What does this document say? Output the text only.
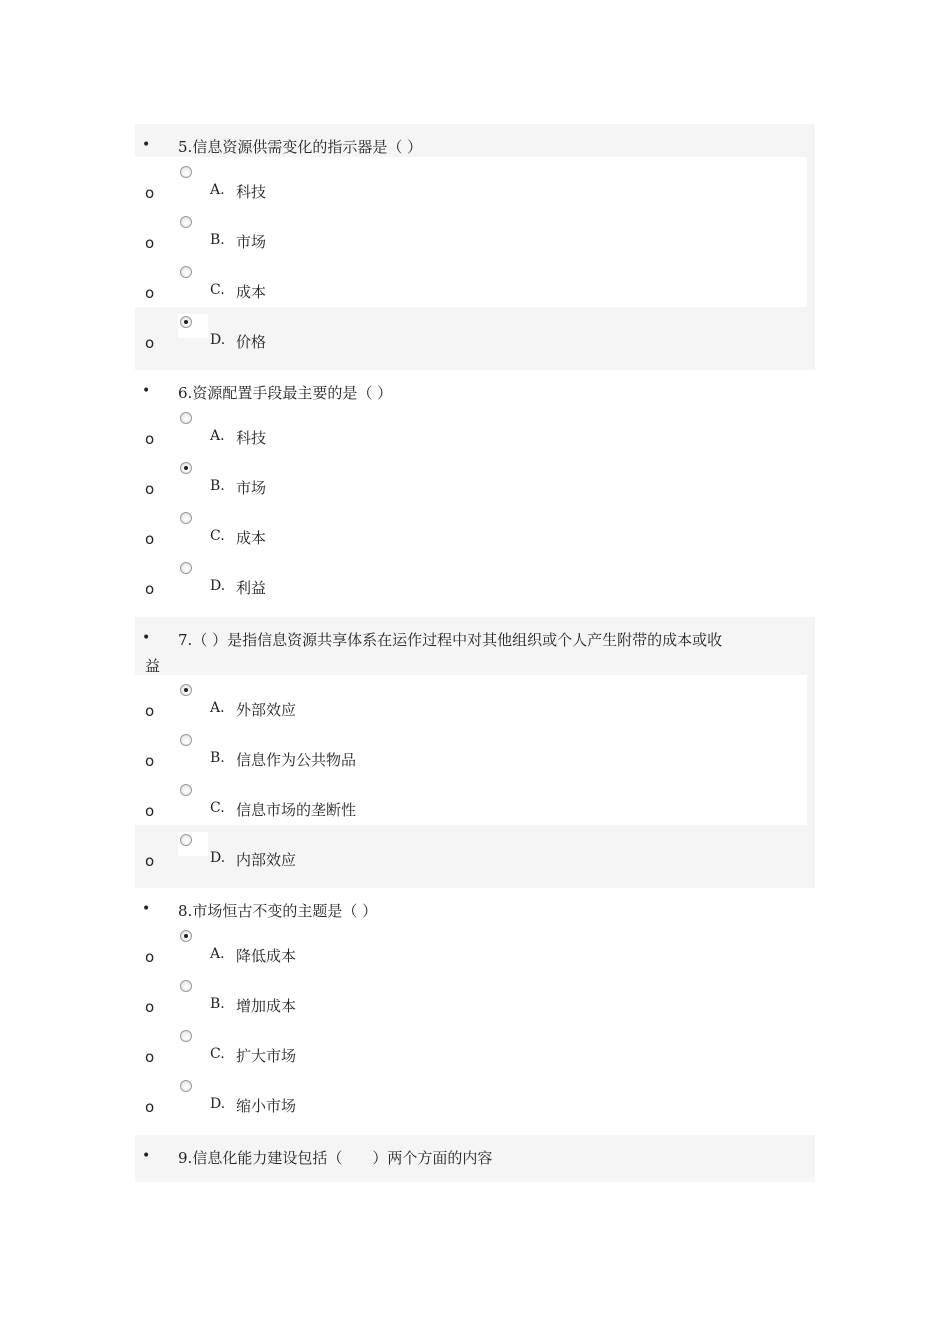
• 5.信息资源供需变化的指示器是（ ）
o	A. 科技
o	B. 市场
o	C. 成本
o	D. 价格
• 6.资源配置手段最主要的是（ ）
o	A. 科技
o	B. 市场
o	C. 成本
o	D. 利益
• 7.（ ）是指信息资源共享体系在运作过程中对其他组织或个人产生附带的成本或收
益
o	A. 外部效应
o	B. 信息作为公共物品
o	C. 信息市场的垄断性
o	D. 内部效应
• 8.市场恒古不变的主题是（ ）
o	A. 降低成本
o	B. 增加成本
o	C. 扩大市场
o	D. 缩小市场
• 9.信息化能力建设包括（　　）两个方面的内容
